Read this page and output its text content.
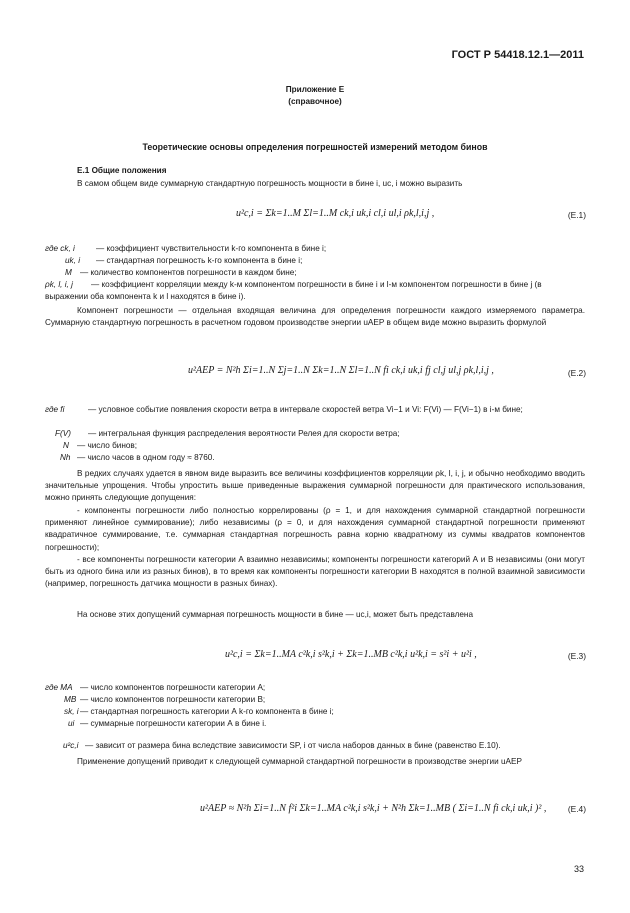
ГОСТ Р 54418.12.1—2011
Приложение Е
(справочное)
Теоретические основы определения погрешностей измерений методом бинов
Е.1 Общие положения
В самом общем виде суммарную стандартную погрешность мощности в бине i, uc, i можно выразить
u²c,i = Σk=1..M Σl=1..M ck,i uk,i cl,i ul,i ρk,l,i,j ,	(Е.1)
где ck, i	— коэффициент чувствительности k-го компонента в бине i;
uk, i — стандартная погрешность k-го компонента в бине i;
M — количество компонентов погрешности в каждом бине;
ρk, l, i, j	— коэффициент корреляции между k-м компонентом погрешности в бине i и l-м компонентом погрешности в бине j (в выражении оба компонента k и l находятся в бине i).
Компонент погрешности — отдельная входящая величина для определения погрешности каждого измеряемого параметра. Суммарную стандартную погрешность в расчетном годовом производстве энергии uAEP в общем виде можно выразить формулой
u²AEP = N²h Σi=1..N Σj=1..N Σk=1..N Σl=1..N fi ck,i uk,i fj cl,j ul,j ρk,l,i,j ,	(Е.2)
где fi	— условное событие появления скорости ветра в интервале скоростей ветра Vi−1 и Vi: F(Vi) — F(Vi−1) в i-м бине;
F(V) — интегральная функция распределения вероятности Релея для скорости ветра;
N — число бинов;
Nh — число часов в одном году ≈ 8760.
В редких случаях удается в явном виде выразить все величины коэффициентов корреляции ρk, l, i, j, и обычно необходимо вводить значительные упрощения. Чтобы упростить выше приведенные выражения суммарной погрешности для практического использования, можно принять следующие допущения:
- компоненты погрешности либо полностью коррелированы (ρ = 1, и для нахождения суммарной стандартной погрешности применяют линейное суммирование); либо независимы (ρ = 0, и для нахождения суммарной стандартной погрешности применяют квадратичное суммирование, т.е. суммарная стандартная погрешность равна корню квадратному из суммы квадратов компонентов погрешности);
- все компоненты погрешности категории А взаимно независимы; компоненты погрешности категорий А и В независимы (они могут быть из одного бина или из разных бинов), в то время как компоненты погрешности категории В находятся в полной взаимной зависимости (например, погрешность датчика мощности в разных бинах).
На основе этих допущений суммарная погрешность мощности в бине — uc,i, может быть представлена
u²c,i = Σk=1..MA c²k,i s²k,i + Σk=1..MB c²k,i u²k,i = s²i + u²i ,	(Е.3)
где MA — число компонентов погрешности категории А;
MB — число компонентов погрешности категории В;
sk, i — стандартная погрешность категории А k-го компонента в бине i;
ui — суммарные погрешности категории А в бине i.
u²c,i — зависит от размера бина вследствие зависимости SP, i от числа наборов данных в бине (равенство Е.10).
Применение допущений приводит к следующей суммарной стандартной погрешности в производстве энергии uAEP
u²AEP ≈ N²h Σi=1..N f²i Σk=1..MA c²k,i s²k,i + N²h Σk=1..MB ( Σi=1..N fi ck,i uk,i )² ,	(Е.4)
33
